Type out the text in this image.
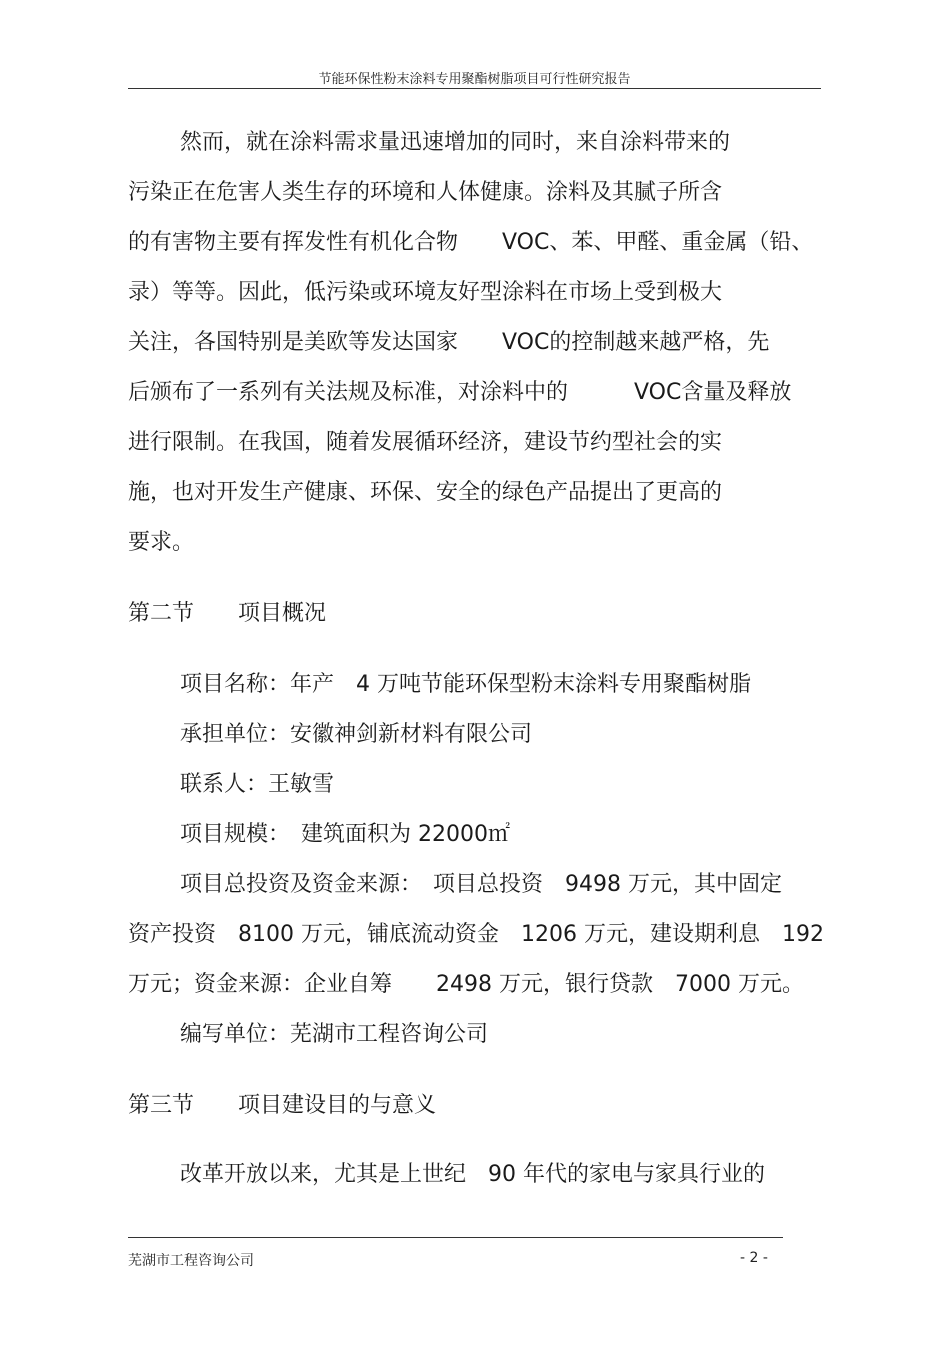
节能环保性粉末涂料专用聚酯树脂项目可行性研究报告
然而，就在涂料需求量迅速增加的同时，来自涂料带来的
污染正在危害人类生存的环境和人体健康。涂料及其腻子所含
的有害物主要有挥发性有机化合物　　VOC、苯、甲醛、重金属（铅、
录）等等。因此，低污染或环境友好型涂料在市场上受到极大
关注，各国特别是美欧等发达国家　　VOC的控制越来越严格，先
后颁布了一系列有关法规及标准，对涂料中的　　　VOC含量及释放
进行限制。在我国，随着发展循环经济，建设节约型社会的实
施，也对开发生产健康、环保、安全的绿色产品提出了更高的
要求。
第二节　　项目概况
项目名称：年产　4 万吨节能环保型粉末涂料专用聚酯树脂
承担单位：安徽神剑新材料有限公司
联系人：王敏雪
项目规模：　建筑面积为 22000㎡
项目总投资及资金来源：　项目总投资　9498 万元，其中固定
资产投资　8100 万元，铺底流动资金　1206 万元，建设期利息　192
万元；资金来源：企业自筹　　2498 万元，银行贷款　7000 万元。
编写单位：芜湖市工程咨询公司
第三节　　项目建设目的与意义
改革开放以来，尤其是上世纪　90 年代的家电与家具行业的
芜湖市工程咨询公司	- 2 -
